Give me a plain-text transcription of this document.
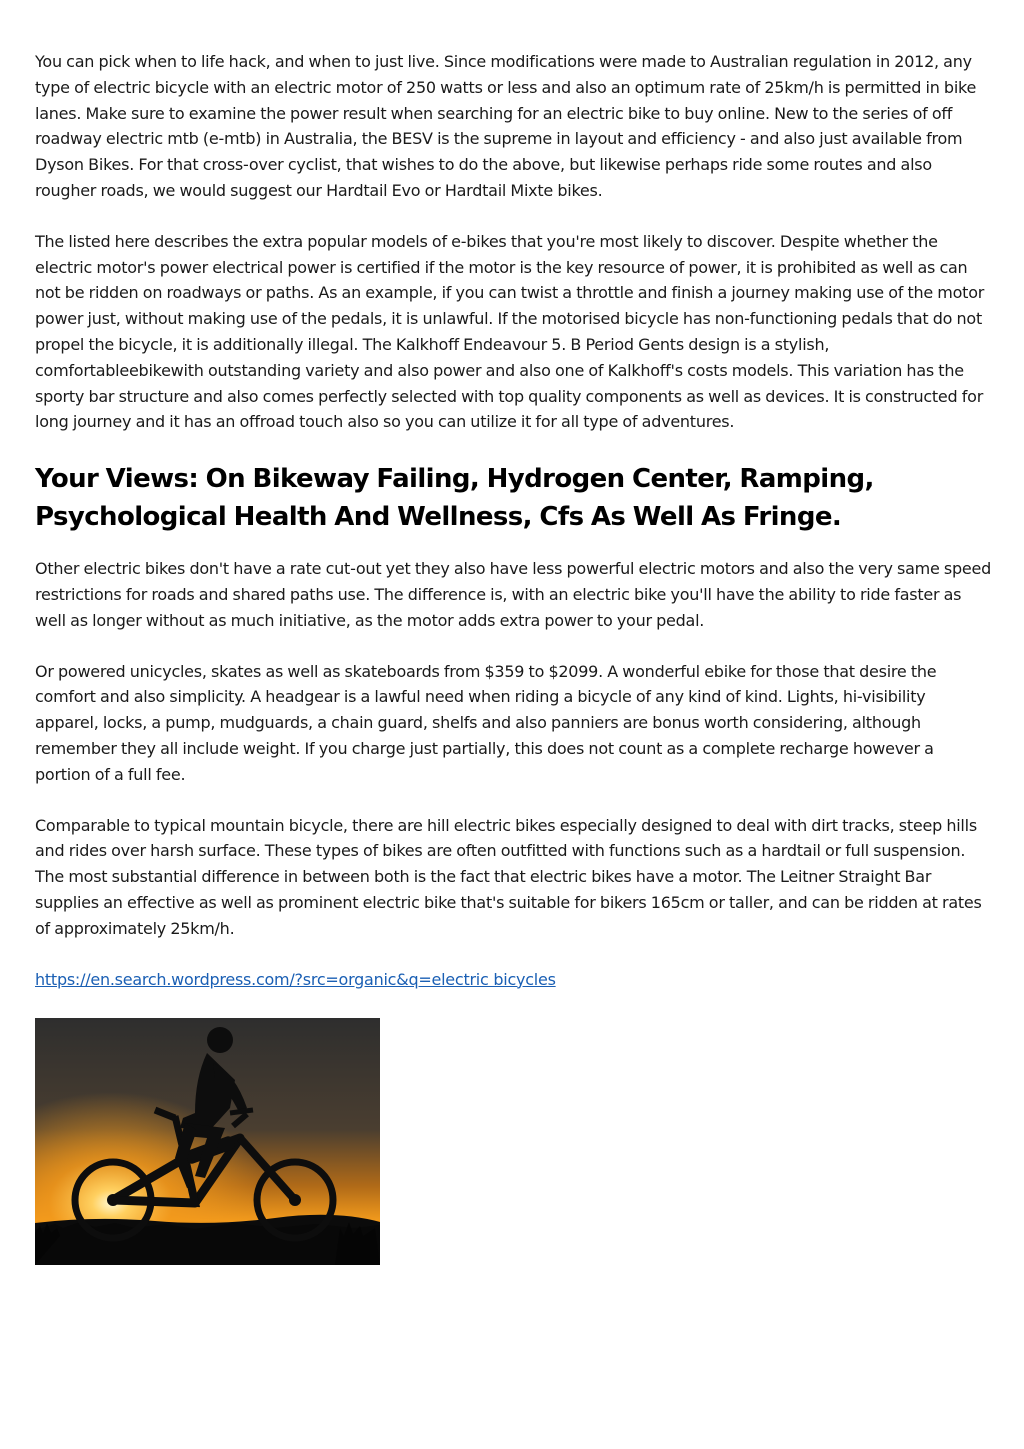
You can pick when to life hack, and when to just live. Since modifications were made to Australian regulation in 2012, any type of electric bicycle with an electric motor of 250 watts or less and also an optimum rate of 25km/h is permitted in bike lanes. Make sure to examine the power result when searching for an electric bike to buy online. New to the series of off roadway electric mtb (e-mtb) in Australia, the BESV is the supreme in layout and efficiency - and also just available from Dyson Bikes. For that cross-over cyclist, that wishes to do the above, but likewise perhaps ride some routes and also rougher roads, we would suggest our Hardtail Evo or Hardtail Mixte bikes.

The listed here describes the extra popular models of e-bikes that you're most likely to discover. Despite whether the electric motor's power electrical power is certified if the motor is the key resource of power, it is prohibited as well as can not be ridden on roadways or paths. As an example, if you can twist a throttle and finish a journey making use of the motor power just, without making use of the pedals, it is unlawful. If the motorised bicycle has non-functioning pedals that do not propel the bicycle, it is additionally illegal. The Kalkhoff Endeavour 5. B Period Gents design is a stylish, comfortableebikewith outstanding variety and also power and also one of Kalkhoff's costs models. This variation has the sporty bar structure and also comes perfectly selected with top quality components as well as devices. It is constructed for long journey and it has an offroad touch also so you can utilize it for all type of adventures.

Your Views: On Bikeway Failing, Hydrogen Center, Ramping, Psychological Health And Wellness, Cfs As Well As Fringe.

Other electric bikes don't have a rate cut-out yet they also have less powerful electric motors and also the very same speed restrictions for roads and shared paths use. The difference is, with an electric bike you'll have the ability to ride faster as well as longer without as much initiative, as the motor adds extra power to your pedal.

Or powered unicycles, skates as well as skateboards from $359 to $2099. A wonderful ebike for those that desire the comfort and also simplicity. A headgear is a lawful need when riding a bicycle of any kind of kind. Lights, hi-visibility apparel, locks, a pump, mudguards, a chain guard, shelfs and also panniers are bonus worth considering, although remember they all include weight. If you charge just partially, this does not count as a complete recharge however a portion of a full fee.

Comparable to typical mountain bicycle, there are hill electric bikes especially designed to deal with dirt tracks, steep hills and rides over harsh surface. These types of bikes are often outfitted with functions such as a hardtail or full suspension. The most substantial difference in between both is the fact that electric bikes have a motor. The Leitner Straight Bar supplies an effective as well as prominent electric bike that's suitable for bikers 165cm or taller, and can be ridden at rates of approximately 25km/h.

https://en.search.wordpress.com/?src=organic&q=electric bicycles
